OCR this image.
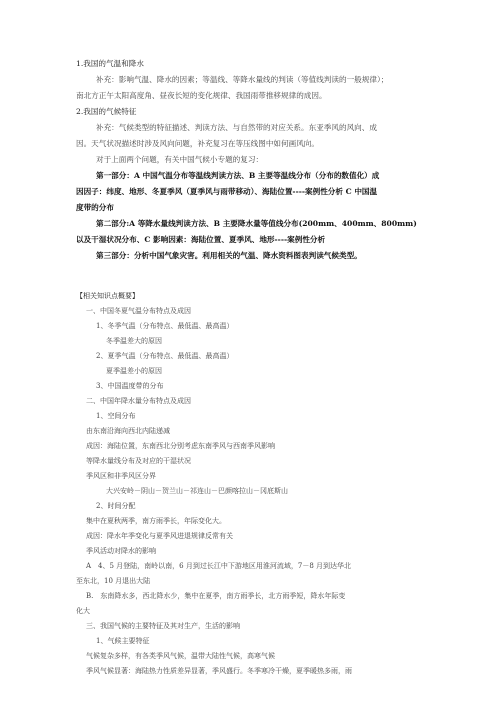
1.我国的气温和降水
补充：影响气温、降水的因素；等温线、等降水量线的判读（等值线判读的一般规律）；
南北方正午太阳高度角、昼夜长短的变化规律、我国雨带推移规律的成因。
2.我国的气候特征
补充：气候类型的特征描述、判读方法、与自然带的对应关系。东亚季风的风向、成
因。天气状况描述时涉及风向问题，补充复习在等压线图中如何画风向。
对于上面两个问题，有关中国气候小专题的复习：
第一部分：A 中国气温分布等温线判读方法、B 主要等温线分布（分布的数值化）成
因因子：纬度、地形、冬夏季风（夏季风与雨带移动）、海陆位置----案例性分析 C 中国温
度带的分布
第二部分:A 等降水量线判读方法、B 主要降水量等值线分布(200mm、400mm、800mm)
以及干湿状况分布、C 影响因素：海陆位置、夏季风、地形----案例性分析
第三部分：分析中国气象灾害。利用相关的气温、降水资料图表判读气候类型。
【相关知识点概要】
一、中国冬夏气温分布特点及成因
1、冬季气温（分布特点、最低温、最高温）
冬季温差大的原因
2、夏季气温（分布特点、最低温、最高温）
夏季温差小的原因
3、中国温度带的分布
二、中国年降水量分布特点及成因
1、空间分布
由东南沿海向西北内陆递减
成因：海陆位置，东南西北分别考虑东南季风与西南季风影响
等降水量线分布及对应的干湿状况
季风区和非季风区分界
大兴安岭－阴山－贺兰山－祁连山－巴颜喀拉山－冈底斯山
2、时间分配
集中在夏秋两季，南方雨季长，年际变化大。
成因：降水年季变化与夏季风进退规律反常有关
季风活动对降水的影响
A　4、5 月登陆，南岭以南，6 月到过长江中下游地区用淮河流域，7－8 月到达华北
至东北，10 月退出大陆
B.　东南降水多，西北降水少，集中在夏季，南方雨季长，北方雨季短，降水年际变
化大
三、我国气候的主要特征及其对生产，生活的影响
1、气候主要特征
气候复杂多样，有各类季风气候，温带大陆性气候，高寒气候
季风气候显著：海陆热力性质差异显著，季风盛行。冬季寒冷干燥，夏季暖热多雨，雨
